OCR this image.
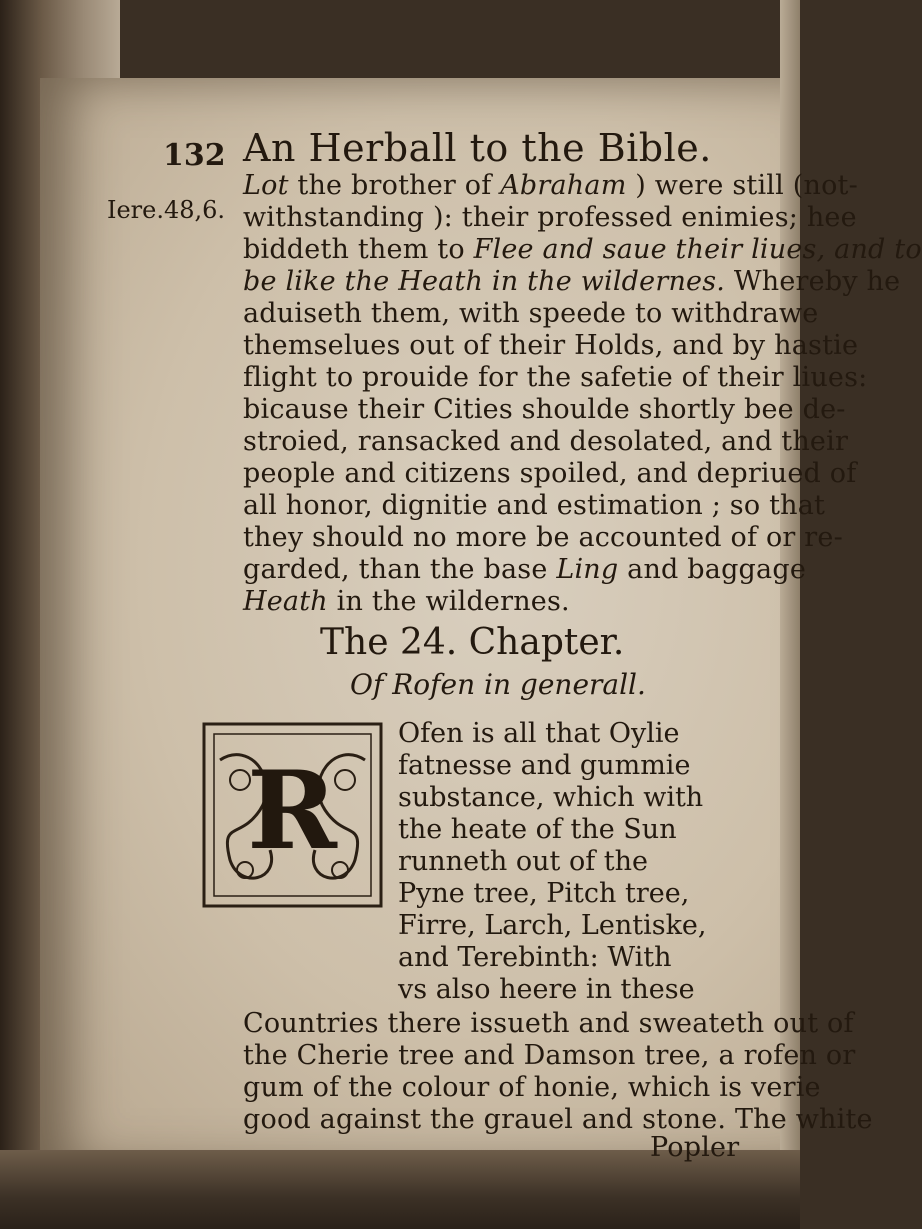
132 An Herball to the Bible.
Iere.48,6.
Lot the brother of Abraham ) were still (not-
withstanding ): their professed enimies; hee
biddeth them to Flee and saue their liues, and to
be like the Heath in the wildernes. Whereby he
aduiseth them, with speede to withdrawe
themselues out of their Holds, and by hastie
flight to prouide for the safetie of their liues:
bicause their Cities shoulde shortly bee de-
stroied, ransacked and desolated, and their
people and citizens spoiled, and depriued of
all honor, dignitie and estimation ; so that
they should no more be accounted of or re-
garded, than the base Ling and baggage
Heath in the wildernes.
The 24. Chapter.
Of Rofen in generall.
R
Ofen is all that Oylie
fatnesse and gummie
substance, which with
the heate of the Sun
runneth out of the
Pyne tree, Pitch tree,
Firre, Larch, Lentiske,
and Terebinth: With
vs also heere in these
Countries there issueth and sweateth out of
the Cherie tree and Damson tree, a rofen or
gum of the colour of honie, which is verie
good against the grauel and stone. The white
Popler
